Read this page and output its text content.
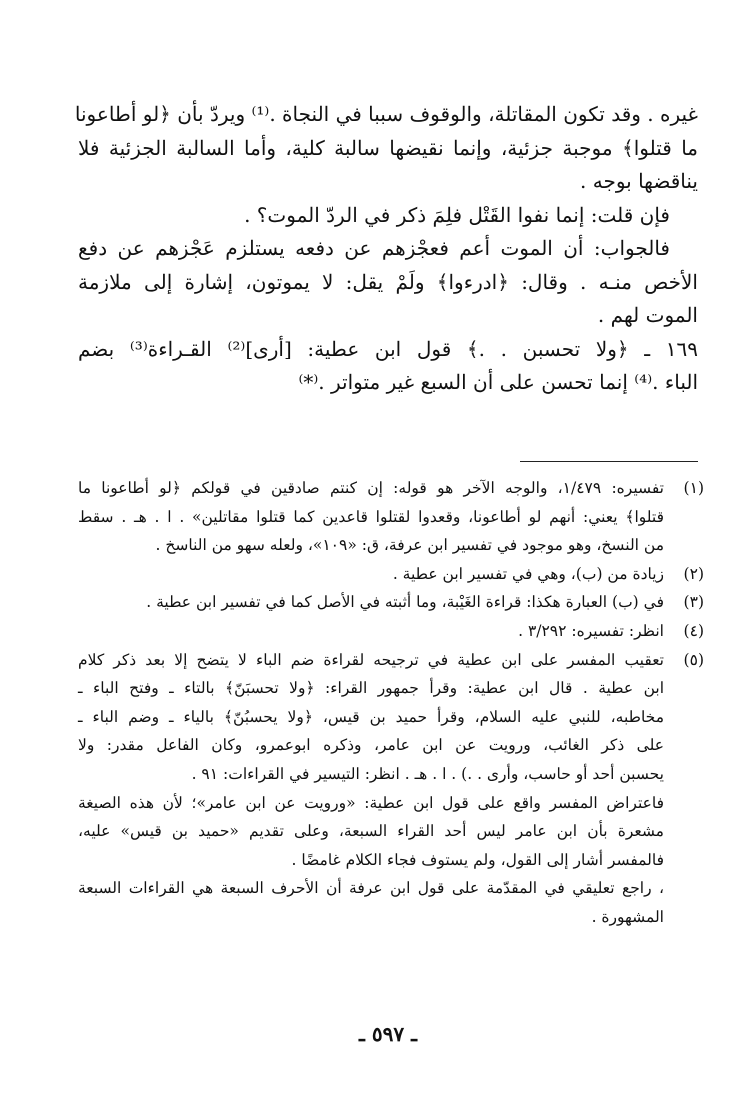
غيره . وقد تكون المقاتلة، والوقوف سببا في النجاة .⁽¹⁾ ويردّ بأن ﴿لو أطاعونا
ما قتلوا﴾ موجبة جزئية، وإنما نقيضها سالبة كلية، وأما السالبة الجزئية فلا
يناقضها بوجه .
فإن قلت: إنما نفوا القَتْل فلِمَ ذكر في الردّ الموت؟ .
فالجواب: أن الموت أعم فعجْزهم عن دفعه يستلزم عَجْزهم عن دفع
الأخص منـه . وقال: ﴿ادرءوا﴾ ولَمْ يقل: لا يموتون، إشارة إلى ملازمة
الموت لهم .
١٦٩ ـ ﴿ولا تحسبن . .﴾ قول ابن عطية: [أرى]⁽²⁾ القـراءة⁽³⁾ بضم
الباء .⁽⁴⁾ إنما تحسن على أن السبع غير متواتر .⁽*⁾
(١)
تفسيره: ١/٤٧٩، والوجه الآخر هو قوله: إن كنتم صادقين في قولكم ﴿لو أطاعونا ما
قتلوا﴾ يعني: أنهم لو أطاعونا، وقعدوا لقتلوا قاعدين كما قتلوا مقاتلين» . ا . هـ . سقط
من النسخ، وهو موجود في تفسير ابن عرفة، ق: «١٠٩»، ولعله سهو من الناسخ .
(٢)
زيادة من (ب)، وهي في تفسير ابن عطية .
(٣)
في (ب) العبارة هكذا: قراءة الغَيْبة، وما أثبته في الأصل كما في تفسير ابن عطية .
(٤)
انظر: تفسيره: ٣/٢٩٢ .
(٥)
تعقيب المفسر على ابن عطية في ترجيحه لقراءة ضم الباء لا يتضح إلا بعد ذكر كلام
ابن عطية . قال ابن عطية: وقرأ جمهور القراء: ﴿ولا تحسبَنّ﴾ بالتاء ـ وفتح الباء ـ
مخاطبه، للنبي عليه السلام، وقرأ حميد بن قيس، ﴿ولا يحسبُنّ﴾ بالياء ـ وضم الباء ـ
على ذكر الغائب، ورويت عن ابن عامر، وذكره ابوعمرو، وكان الفاعل مقدر: ولا
يحسبن أحد أو حاسب، وأرى . .) . ا . هـ . انظر: التيسير في القراءات: ٩١ .
فاعتراض المفسر واقع على قول ابن عطية: «ورويت عن ابن عامر»؛ لأن هذه الصيغة
مشعرة بأن ابن عامر ليس أحد القراء السبعة، وعلى تقديم «حميد بن قيس» عليه،
فالمفسر أشار إلى القول، ولم يستوف فجاء الكلام غامضًا .
، راجع تعليقي في المقدّمة على قول ابن عرفة أن الأحرف السبعة هي القراءات السبعة
المشهورة .
ـ ٥٩٧ ـ
